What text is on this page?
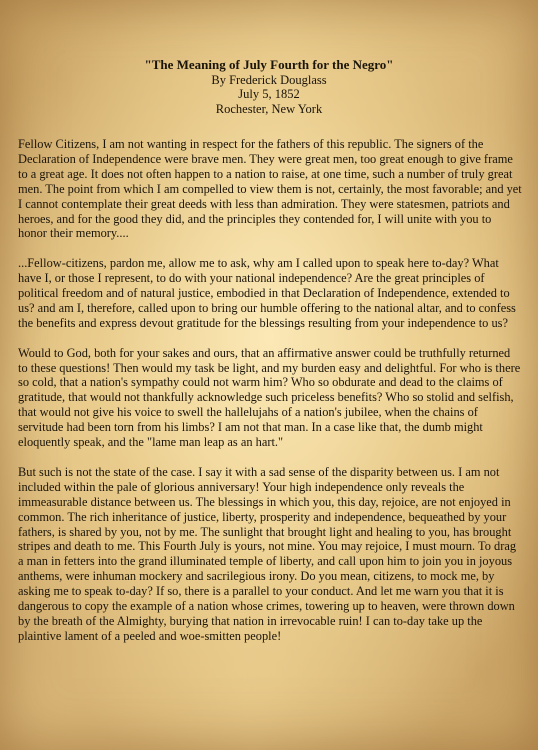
"The Meaning of July Fourth for the Negro"
By Frederick Douglass
July 5, 1852
Rochester, New York

Fellow Citizens, I am not wanting in respect for the fathers of this republic. The signers of the Declaration of Independence were brave men. They were great men, too great enough to give frame to a great age. It does not often happen to a nation to raise, at one time, such a number of truly great men. The point from which I am compelled to view them is not, certainly, the most favorable; and yet I cannot contemplate their great deeds with less than admiration. They were statesmen, patriots and heroes, and for the good they did, and the principles they contended for, I will unite with you to honor their memory....

...Fellow-citizens, pardon me, allow me to ask, why am I called upon to speak here to-day? What have I, or those I represent, to do with your national independence? Are the great principles of political freedom and of natural justice, embodied in that Declaration of Independence, extended to us? and am I, therefore, called upon to bring our humble offering to the national altar, and to confess the benefits and express devout gratitude for the blessings resulting from your independence to us?

Would to God, both for your sakes and ours, that an affirmative answer could be truthfully returned to these questions! Then would my task be light, and my burden easy and delightful. For who is there so cold, that a nation's sympathy could not warm him? Who so obdurate and dead to the claims of gratitude, that would not thankfully acknowledge such priceless benefits? Who so stolid and selfish, that would not give his voice to swell the hallelujahs of a nation's jubilee, when the chains of servitude had been torn from his limbs? I am not that man. In a case like that, the dumb might eloquently speak, and the "lame man leap as an hart."

But such is not the state of the case. I say it with a sad sense of the disparity between us. I am not included within the pale of glorious anniversary! Your high independence only reveals the immeasurable distance between us. The blessings in which you, this day, rejoice, are not enjoyed in common. The rich inheritance of justice, liberty, prosperity and independence, bequeathed by your fathers, is shared by you, not by me. The sunlight that brought light and healing to you, has brought stripes and death to me. This Fourth July is yours, not mine. You may rejoice, I must mourn. To drag a man in fetters into the grand illuminated temple of liberty, and call upon him to join you in joyous anthems, were inhuman mockery and sacrilegious irony. Do you mean, citizens, to mock me, by asking me to speak to-day? If so, there is a parallel to your conduct. And let me warn you that it is dangerous to copy the example of a nation whose crimes, towering up to heaven, were thrown down by the breath of the Almighty, burying that nation in irrevocable ruin! I can to-day take up the plaintive lament of a peeled and woe-smitten people!
